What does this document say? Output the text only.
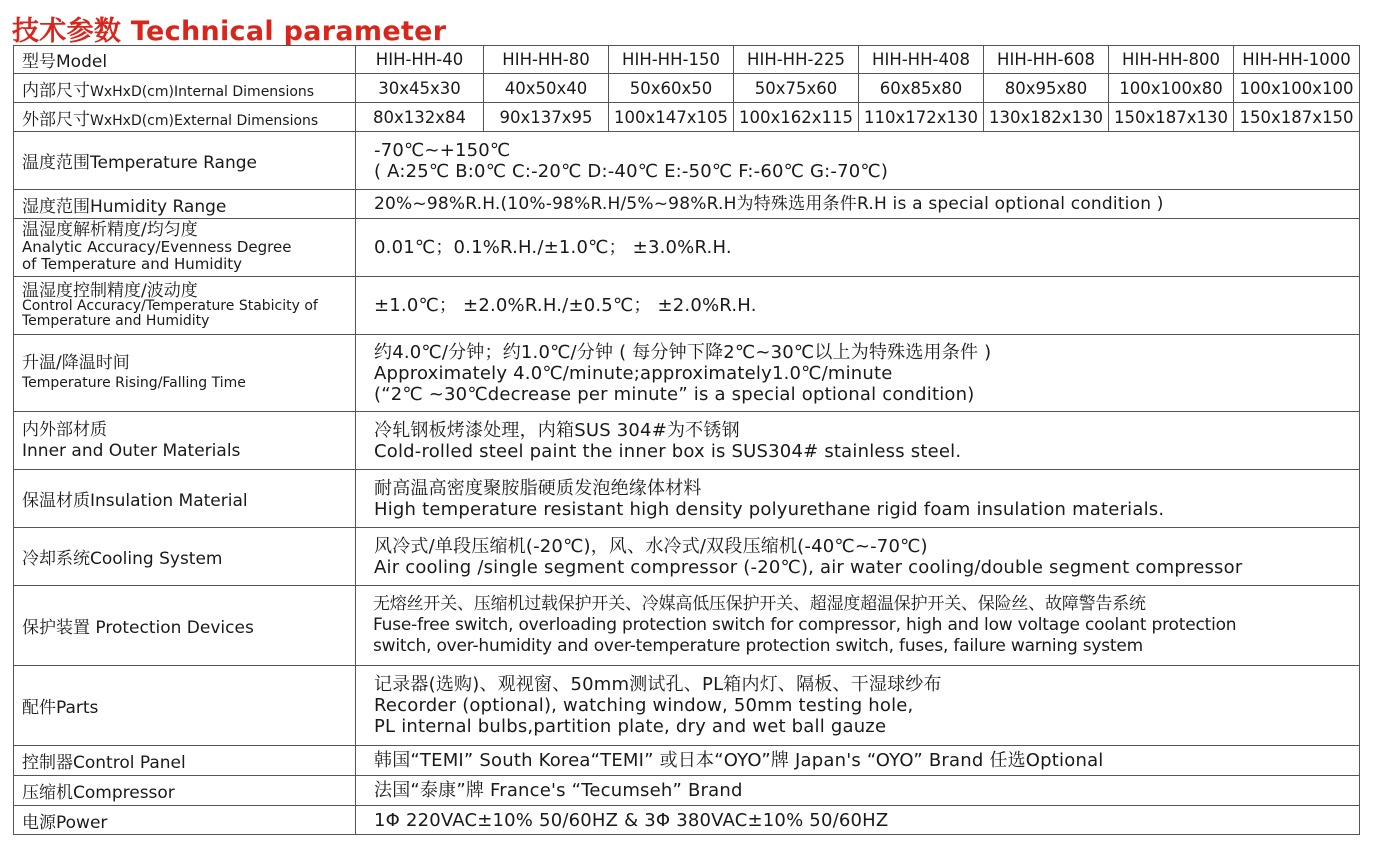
技术参数 Technical parameter
型号Model	HIH-HH-40	HIH-HH-80	HIH-HH-150	HIH-HH-225	HIH-HH-408	HIH-HH-608	HIH-HH-800	HIH-HH-1000
内部尺寸WxHxD(cm)Internal Dimensions	30x45x30	40x50x40	50x60x50	50x75x60	60x85x80	80x95x80	100x100x80	100x100x100
外部尺寸WxHxD(cm)External Dimensions	80x132x84	90x137x95	100x147x105	100x162x115	110x172x130	130x182x130	150x187x130	150x187x150
温度范围Temperature Range	-70℃~+150℃
( A:25℃ B:0℃ C:-20℃ D:-40℃ E:-50℃ F:-60℃ G:-70℃)							

湿度范围Humidity Range	20%~98%R.H.(10%-98%R.H/5%~98%R.H为特殊选用条件R.H is a special optional condition )							

温湿度解析精度/均匀度
Analytic Accuracy/Evenness Degree
of Temperature and Humidity	0.01℃；0.1%R.H./±1.0℃； ±3.0%R.H.							

温湿度控制精度/波动度
Control Accuracy/Temperature Stabicity of
Temperature and Humidity	±1.0℃； ±2.0%R.H./±0.5℃； ±2.0%R.H.							

升温/降温时间
Temperature Rising/Falling Time	约4.0℃/分钟；约1.0℃/分钟 ( 每分钟下降2℃~30℃以上为特殊选用条件 )
Approximately 4.0℃/minute;approximately1.0℃/minute
(“2℃ ~30℃decrease per minute” is a special optional condition)							

内外部材质
Inner and Outer Materials	冷轧钢板烤漆处理，内箱SUS 304#为不锈钢
Cold-rolled steel paint the inner box is SUS304# stainless steel.							

保温材质Insulation Material	耐高温高密度聚胺脂硬质发泡绝缘体材料
High temperature resistant high density polyurethane rigid foam insulation materials.							

冷却系统Cooling System	风冷式/单段压缩机(-20℃)，风、水冷式/双段压缩机(-40℃~-70℃)
Air cooling /single segment compressor (-20℃), air water cooling/double segment compressor							

保护装置 Protection Devices	无熔丝开关、压缩机过载保护开关、冷媒高低压保护开关、超湿度超温保护开关、保险丝、故障警告系统
Fuse-free switch, overloading protection switch for compressor, high and low voltage coolant protection
switch, over-humidity and over-temperature protection switch, fuses, failure warning system							

配件Parts	记录器(选购)、观视窗、50mm测试孔、PL箱内灯、隔板、干湿球纱布
Recorder (optional), watching window, 50mm testing hole,
PL internal bulbs,partition plate, dry and wet ball gauze							

控制器Control Panel	韩国“TEMI” South Korea“TEMI” 或日本“OYO”牌 Japan's “OYO” Brand 任选Optional							
压缩机Compressor	法国“泰康”牌 France's “Tecumseh” Brand							
电源Power	1Φ 220VAC±10% 50/60HZ & 3Φ 380VAC±10% 50/60HZ							
